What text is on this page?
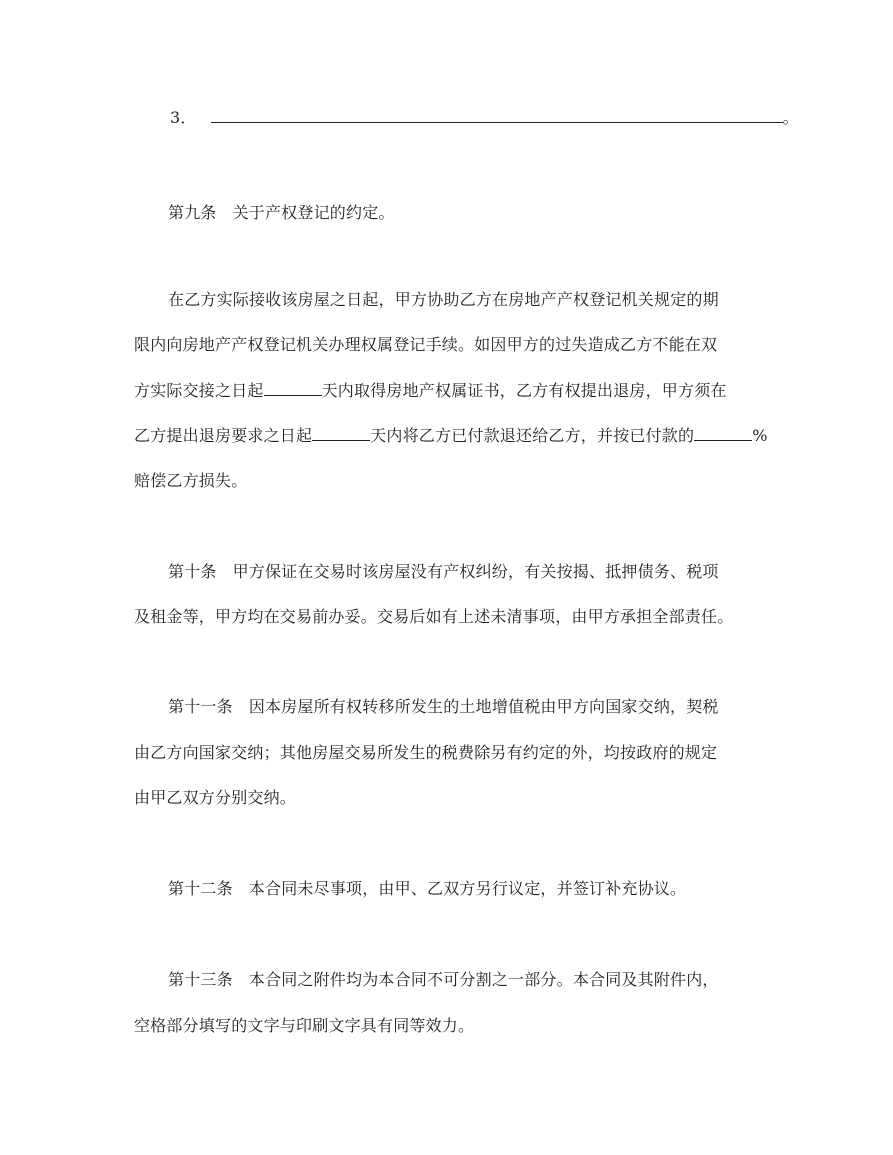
3．	。
第九条 关于产权登记的约定。
在乙方实际接收该房屋之日起，甲方协助乙方在房地产产权登记机关规定的期
限内向房地产产权登记机关办理权属登记手续。如因甲方的过失造成乙方不能在双
方实际交接之日起	天内取得房地产权属证书，乙方有权提出退房，甲方须在
乙方提出退房要求之日起	天内将乙方已付款退还给乙方，并按已付款的	%
赔偿乙方损失。
第十条 甲方保证在交易时该房屋没有产权纠纷，有关按揭、抵押债务、税项
及租金等，甲方均在交易前办妥。交易后如有上述未清事项，由甲方承担全部责任。
第十一条 因本房屋所有权转移所发生的土地增值税由甲方向国家交纳，契税
由乙方向国家交纳；其他房屋交易所发生的税费除另有约定的外，均按政府的规定
由甲乙双方分别交纳。
第十二条 本合同未尽事项，由甲、乙双方另行议定，并签订补充协议。
第十三条 本合同之附件均为本合同不可分割之一部分。本合同及其附件内，
空格部分填写的文字与印刷文字具有同等效力。
